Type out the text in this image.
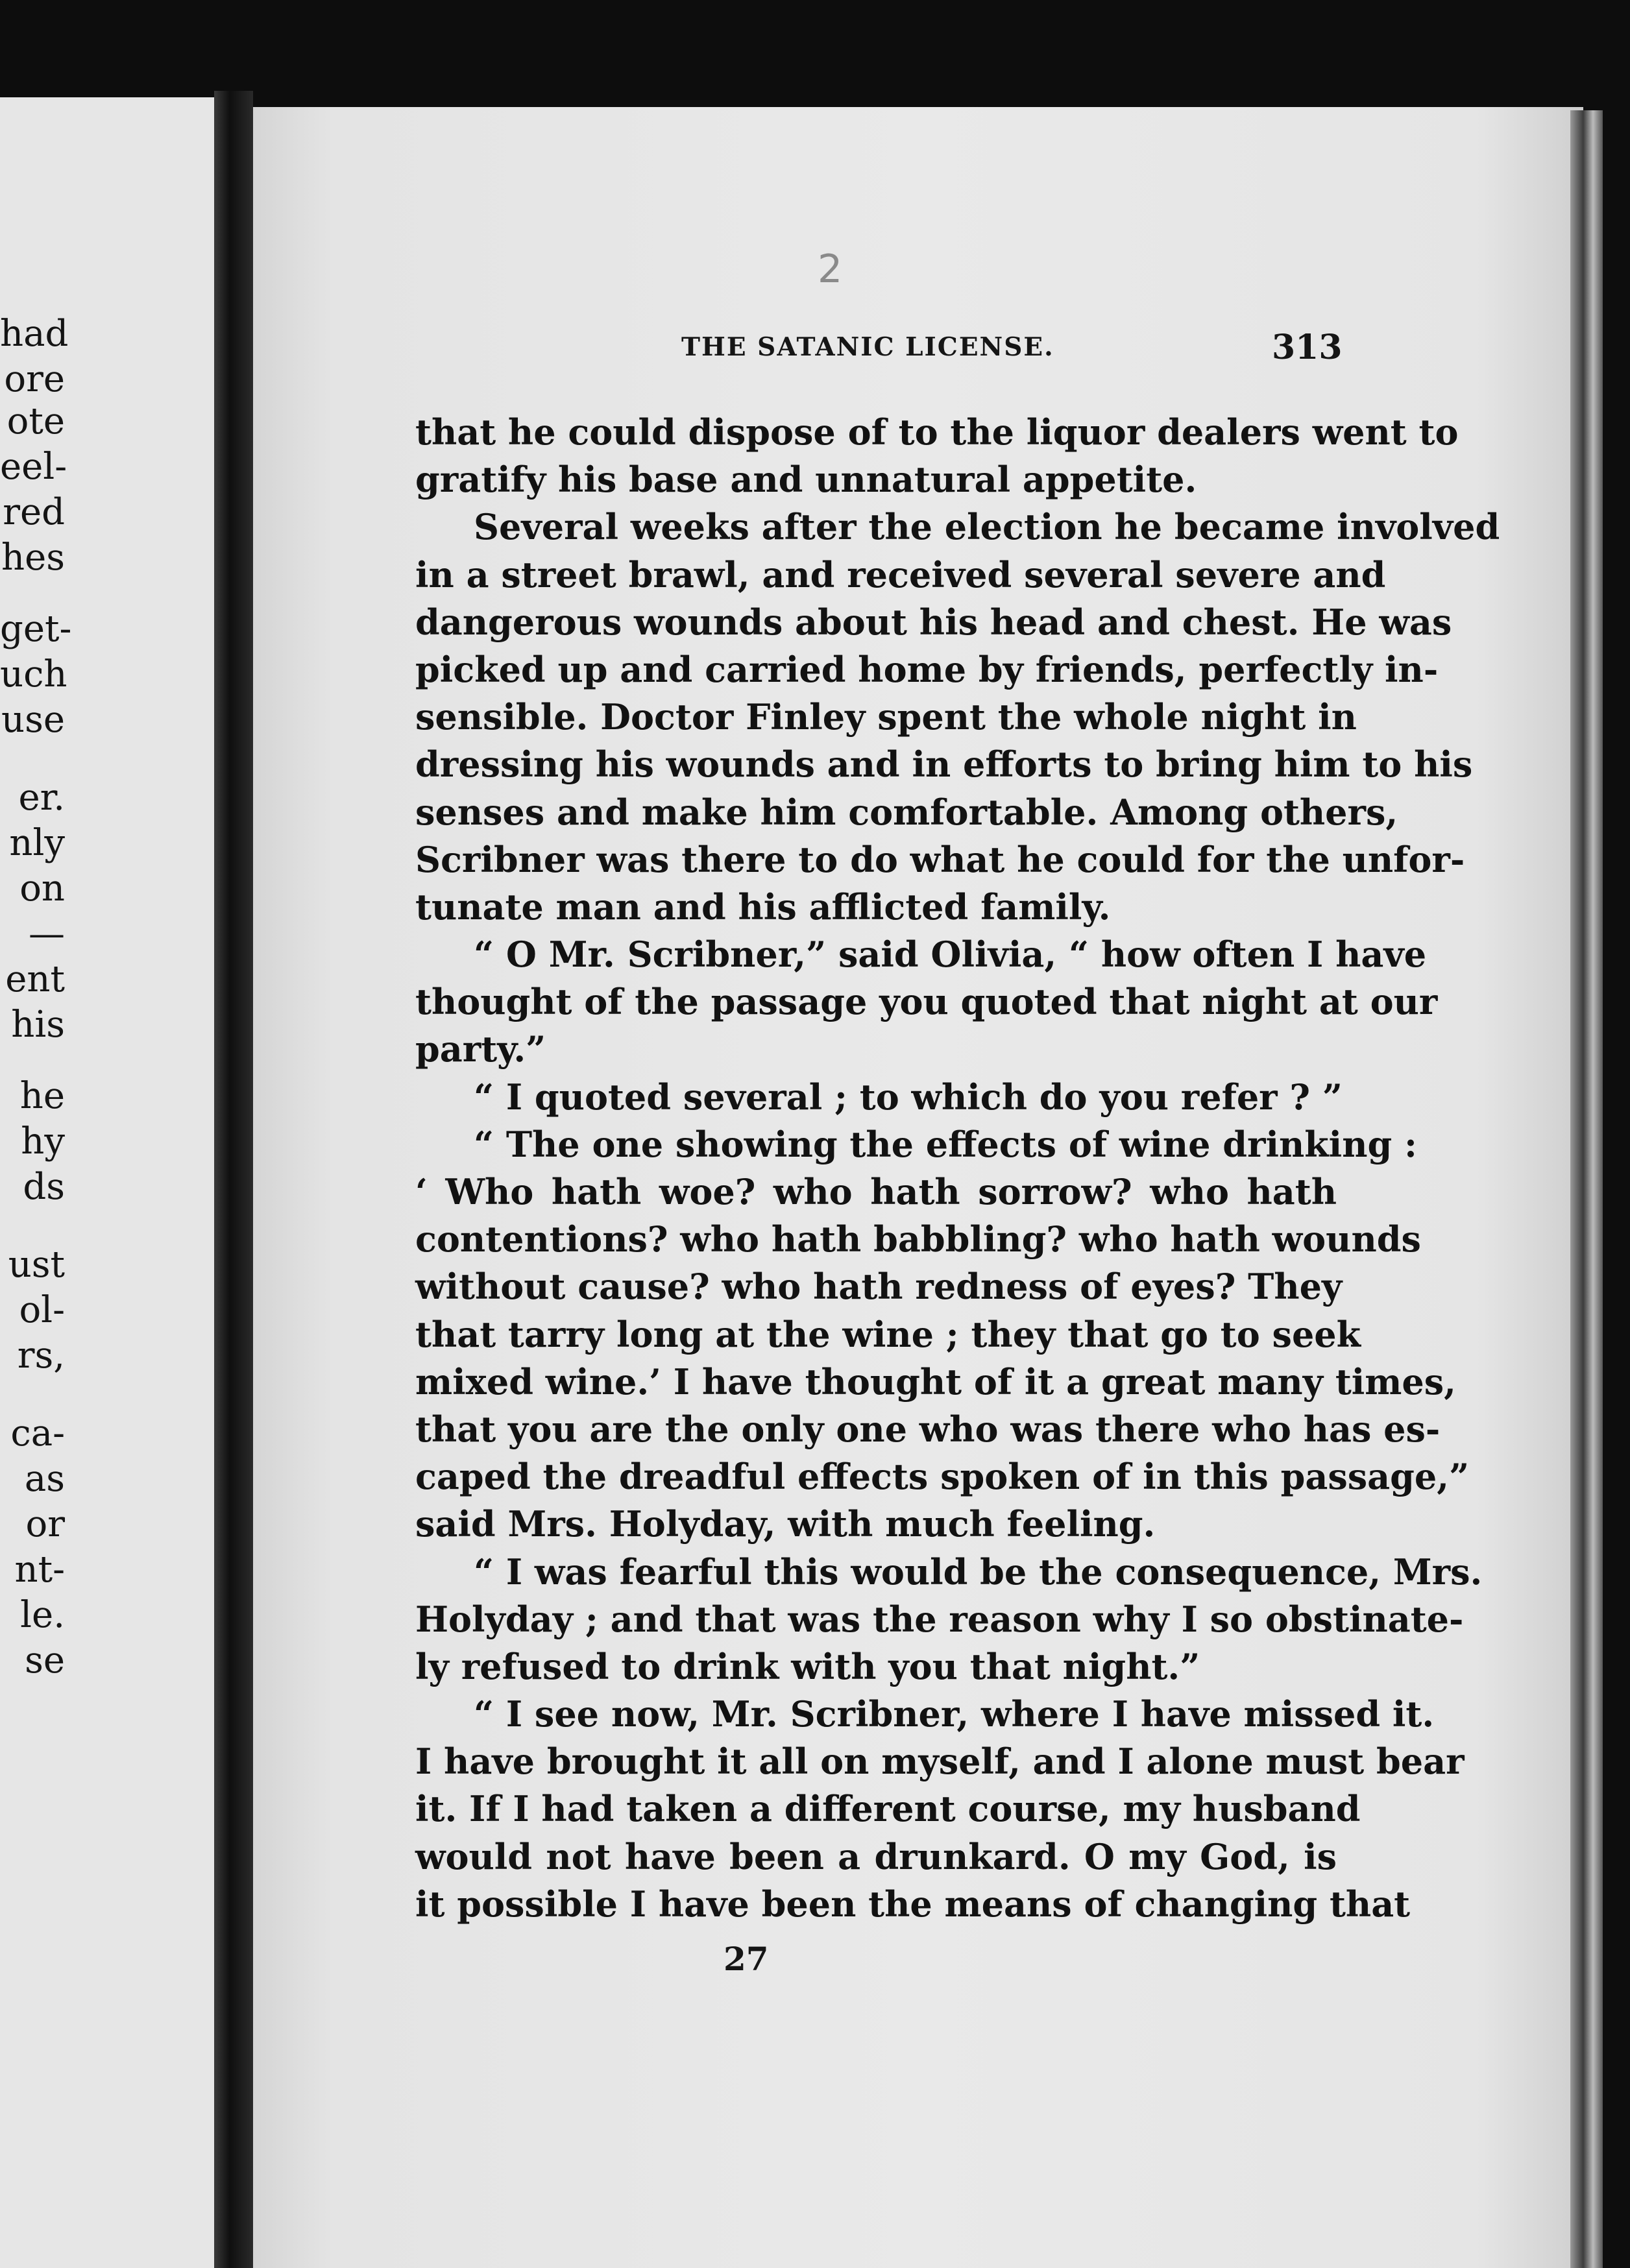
had
ore
ote
eel-
red
hes
get-
uch
use
er.
nly
on
—
ent
his
he
hy
ds
ust
ol-
rs,
ca-
as
or
nt-
le.
se
2
THE SATANIC LICENSE.	313
that he could dispose of to the liquor dealers went to
gratify his base and unnatural appetite.
Several weeks after the election he became involved
in a street brawl, and received several severe and
dangerous wounds about his head and chest. He was
picked up and carried home by friends, perfectly in-
sensible. Doctor Finley spent the whole night in
dressing his wounds and in efforts to bring him to his
senses and make him comfortable. Among others,
Scribner was there to do what he could for the unfor-
tunate man and his afflicted family.
“ O Mr. Scribner,” said Olivia, “ how often I have
thought of the passage you quoted that night at our
party.”
“ I quoted several ; to which do you refer ? ”
“ The one showing the effects of wine drinking :
‘ Who hath woe? who hath sorrow? who hath
contentions? who hath babbling? who hath wounds
without cause? who hath redness of eyes? They
that tarry long at the wine ; they that go to seek
mixed wine.’ I have thought of it a great many times,
that you are the only one who was there who has es-
caped the dreadful effects spoken of in this passage,”
said Mrs. Holyday, with much feeling.
“ I was fearful this would be the consequence, Mrs.
Holyday ; and that was the reason why I so obstinate-
ly refused to drink with you that night.”
“ I see now, Mr. Scribner, where I have missed it.
I have brought it all on myself, and I alone must bear
it. If I had taken a different course, my husband
would not have been a drunkard. O my God, is
it possible I have been the means of changing that
27
